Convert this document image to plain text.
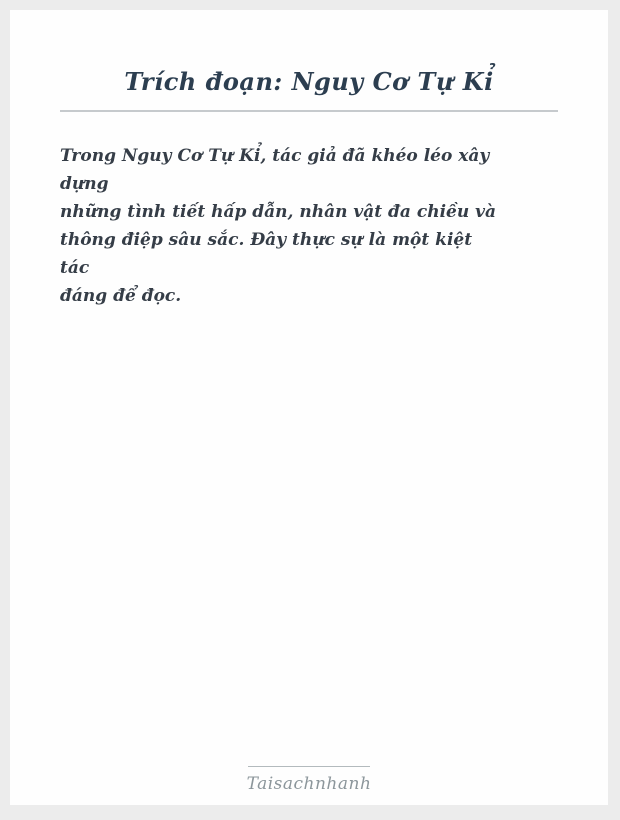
Trích đoạn: Nguy Cơ Tự Kỉ
Trong Nguy Cơ Tự Kỉ, tác giả đã khéo léo xây
dựng
những tình tiết hấp dẫn, nhân vật đa chiều và
thông điệp sâu sắc. Đây thực sự là một kiệt
tác
đáng để đọc.
Taisachnhanh
